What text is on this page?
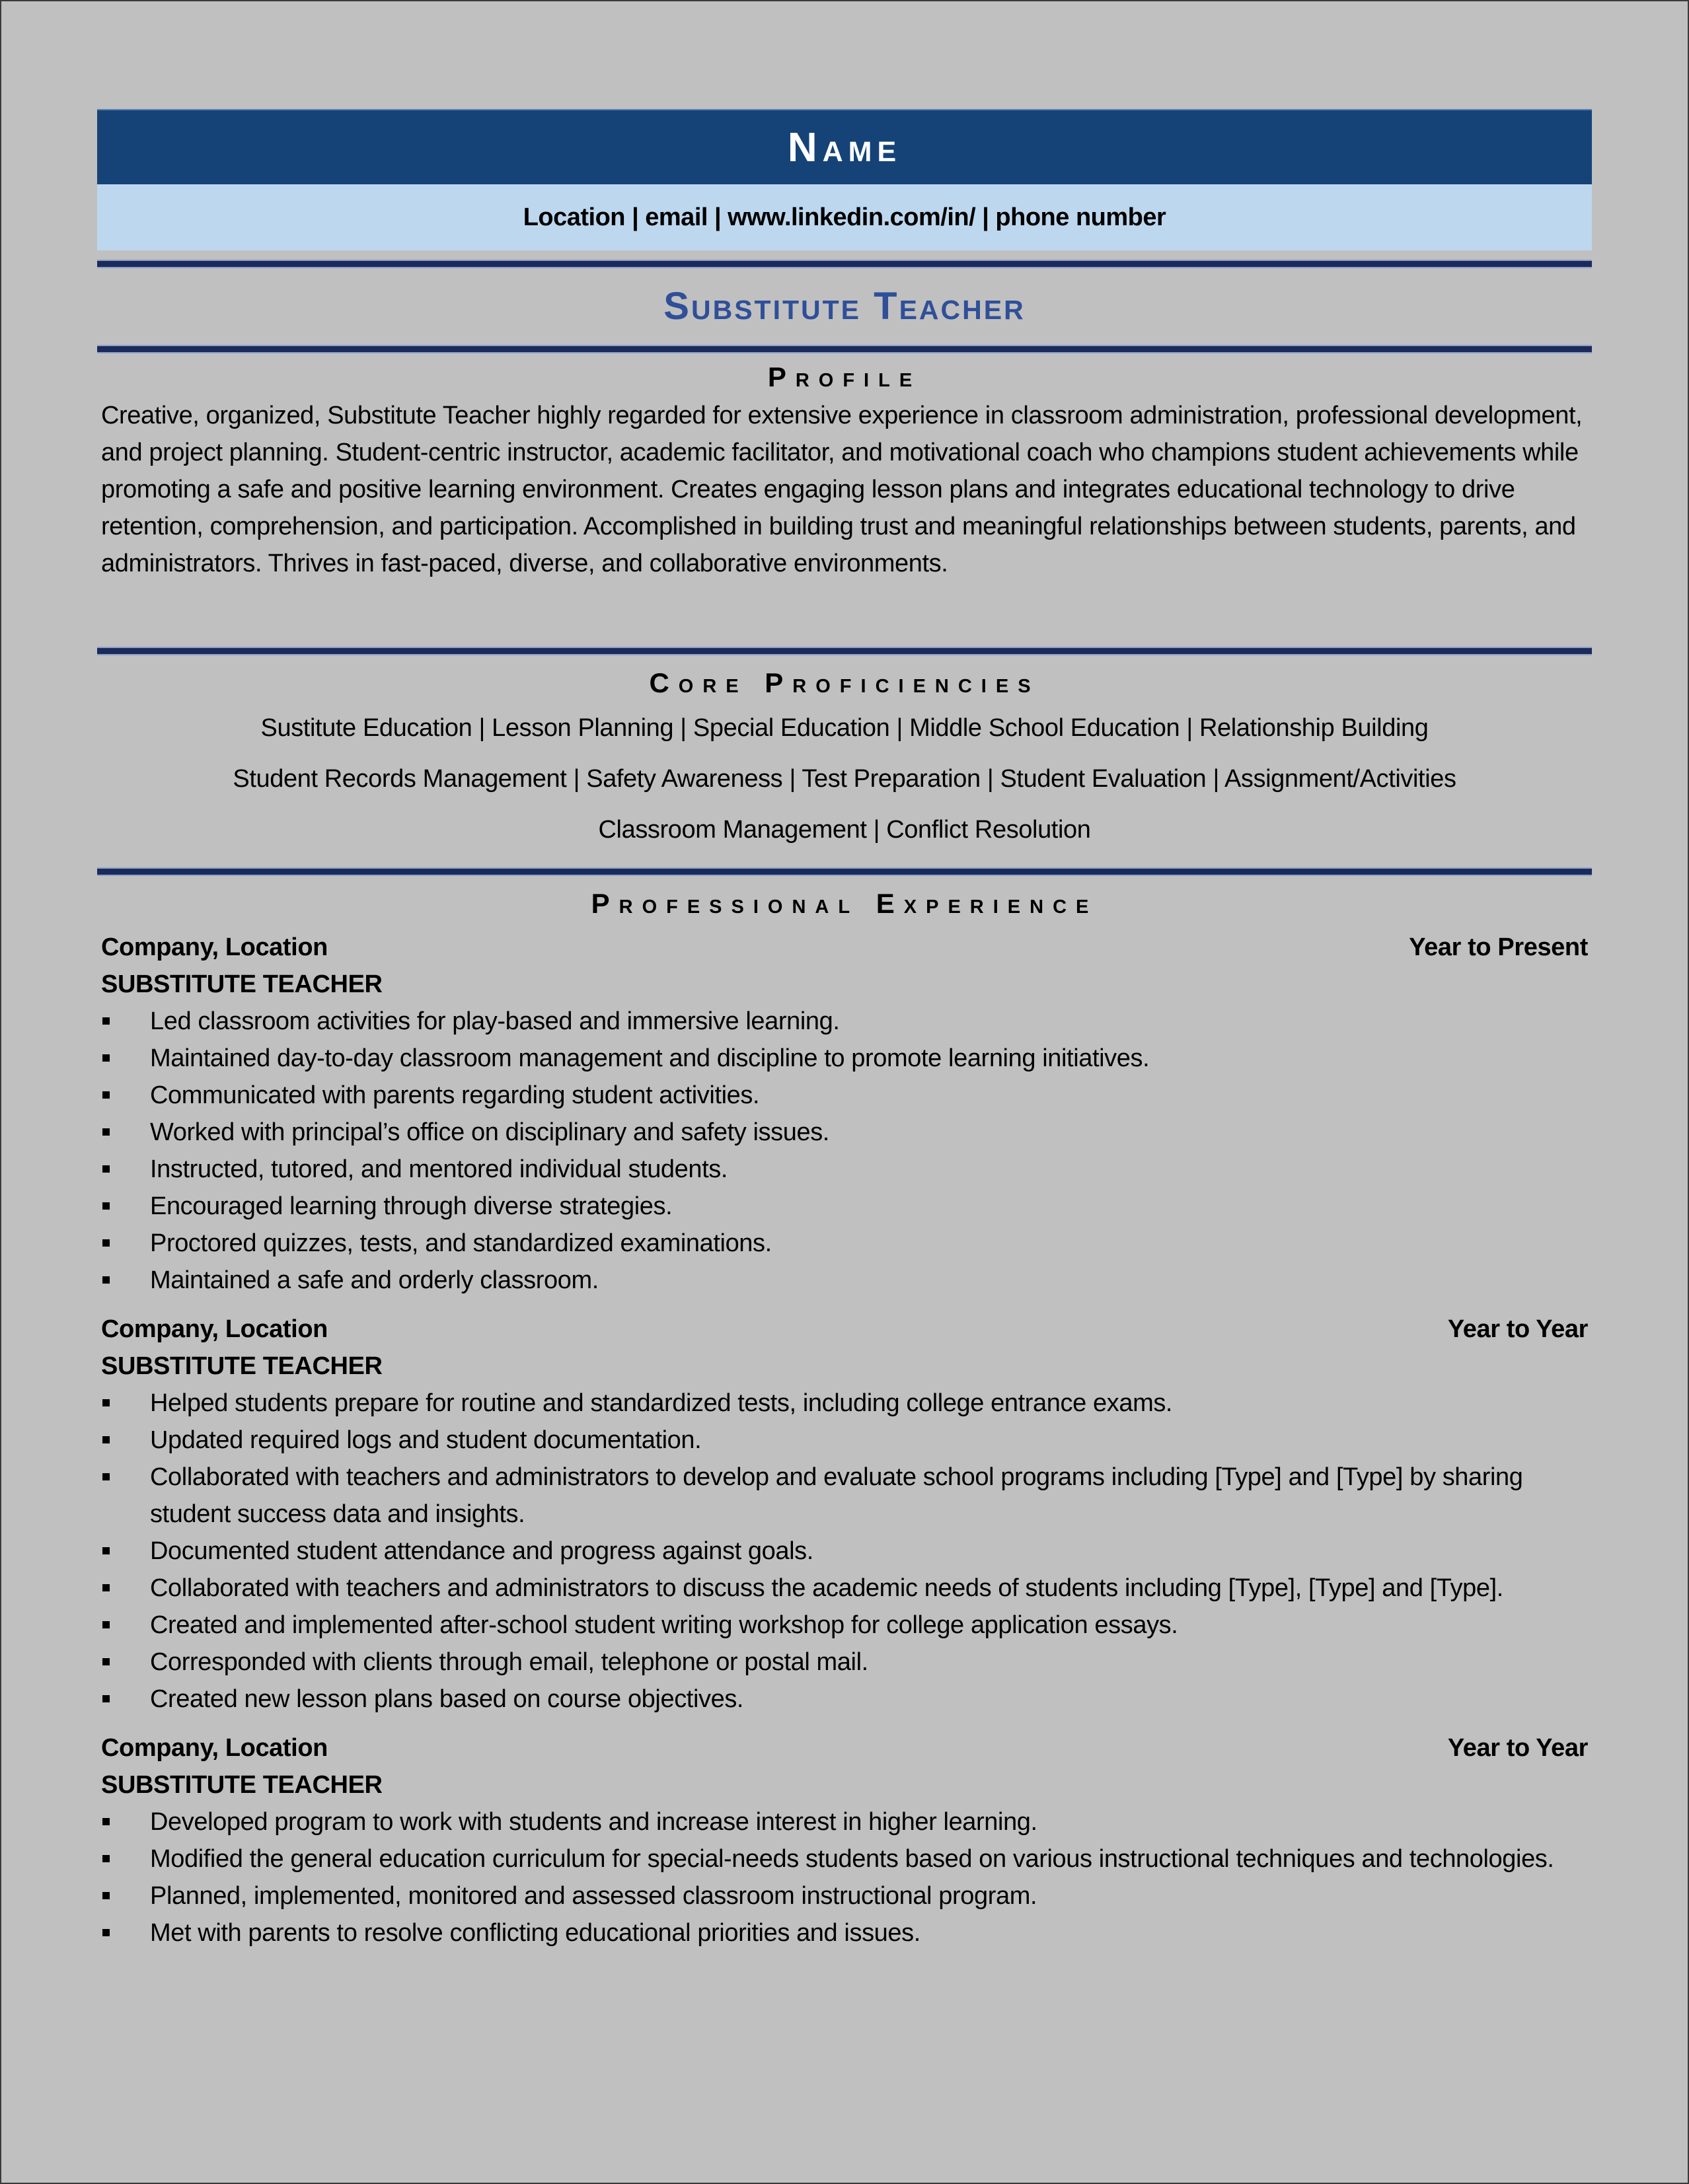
Name
Location | email | www.linkedin.com/in/ | phone number
Substitute Teacher
Profile
Creative, organized, Substitute Teacher highly regarded for extensive experience in classroom administration, professional development, and project planning. Student-centric instructor, academic facilitator, and motivational coach who champions student achievements while promoting a safe and positive learning environment. Creates engaging lesson plans and integrates educational technology to drive retention, comprehension, and participation. Accomplished in building trust and meaningful relationships between students, parents, and administrators. Thrives in fast-paced, diverse, and collaborative environments.
Core Proficiencies
Sustitute Education | Lesson Planning | Special Education | Middle School Education | Relationship Building
Student Records Management | Safety Awareness | Test Preparation | Student Evaluation | Assignment/Activities
Classroom Management | Conflict Resolution
Professional Experience
Company, Location	Year to Present
SUBSTITUTE TEACHER
Led classroom activities for play-based and immersive learning.
Maintained day-to-day classroom management and discipline to promote learning initiatives.
Communicated with parents regarding student activities.
Worked with principal’s office on disciplinary and safety issues.
Instructed, tutored, and mentored individual students.
Encouraged learning through diverse strategies.
Proctored quizzes, tests, and standardized examinations.
Maintained a safe and orderly classroom.
Company, Location	Year to Year
SUBSTITUTE TEACHER
Helped students prepare for routine and standardized tests, including college entrance exams.
Updated required logs and student documentation.
Collaborated with teachers and administrators to develop and evaluate school programs including [Type] and [Type] by sharing student success data and insights.
Documented student attendance and progress against goals.
Collaborated with teachers and administrators to discuss the academic needs of students including [Type], [Type] and [Type].
Created and implemented after-school student writing workshop for college application essays.
Corresponded with clients through email, telephone or postal mail.
Created new lesson plans based on course objectives.
Company, Location	Year to Year
SUBSTITUTE TEACHER
Developed program to work with students and increase interest in higher learning.
Modified the general education curriculum for special-needs students based on various instructional techniques and technologies.
Planned, implemented, monitored and assessed classroom instructional program.
Met with parents to resolve conflicting educational priorities and issues.
